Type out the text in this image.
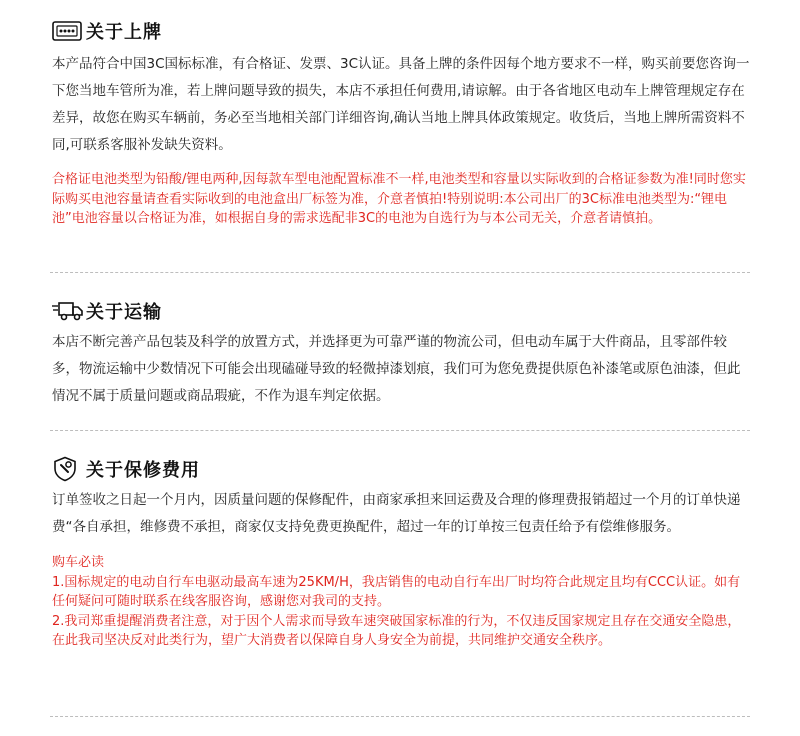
关于上牌

本产品符合中国3C国标标准，有合格证、发票、3C认证。具备上牌的条件因每个地方要求不一样，购买前要您咨询一下您当地车管所为准，若上牌问题导致的损失，本店不承担任何费用,请谅解。由于各省地区电动车上牌管理规定存在差异，故您在购买车辆前，务必至当地相关部门详细咨询,确认当地上牌具体政策规定。收货后，当地上牌所需资料不同,可联系客服补发缺失资料。

合格证电池类型为铅酸/锂电两种,因每款车型电池配置标准不一样,电池类型和容量以实际收到的合格证参数为准!同时您实际购买电池容量请查看实际收到的电池盒出厂标签为准，介意者慎拍!特别说明:本公司出厂的3C标准电池类型为:“锂电池”电池容量以合格证为准，如根据自身的需求选配非3C的电池为自选行为与本公司无关，介意者请慎拍。

关于运输

本店不断完善产品包装及科学的放置方式，并选择更为可靠严谨的物流公司，但电动车属于大件商品，且零部件较多，物流运输中少数情况下可能会出现磕碰导致的轻微掉漆划痕，我们可为您免费提供原色补漆笔或原色油漆，但此情况不属于质量问题或商品瑕疵，不作为退车判定依据。

关于保修费用

订单签收之日起一个月内，因质量问题的保修配件，由商家承担来回运费及合理的修理费报销超过一个月的订单快递费“各自承担，维修费不承担，商家仅支持免费更换配件，超过一年的订单按三包责任给予有偿维修服务。

购车必读

1.国标规定的电动自行车电驱动最高车速为25KM/H，我店销售的电动自行车出厂时均符合此规定且均有CCC认证。如有任何疑问可随时联系在线客服咨询，感谢您对我司的支持。

2.我司郑重提醒消费者注意，对于因个人需求而导致车速突破国家标准的行为，不仅违反国家规定且存在交通安全隐患，在此我司坚决反对此类行为，望广大消费者以保障自身人身安全为前提，共同维护交通安全秩序。
